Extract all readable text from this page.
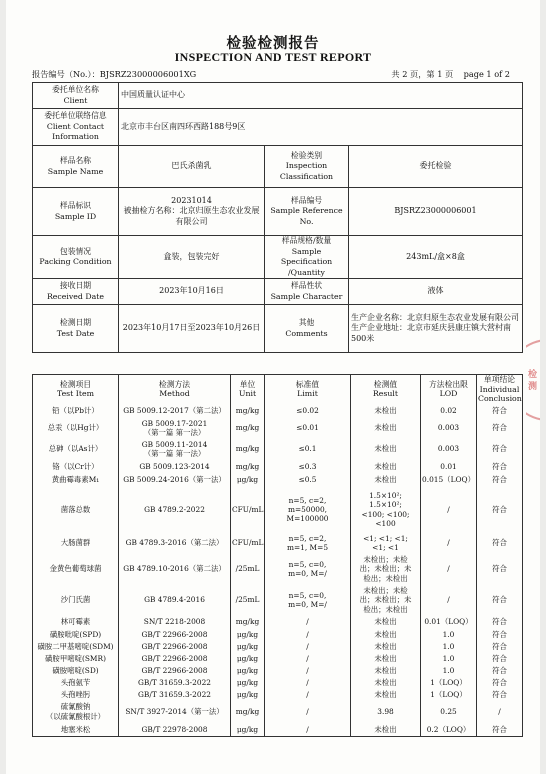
检验检测报告
INSPECTION AND TEST REPORT
报告编号（No.）：BJSRZ23000006001XG	共 2 页，第 1 页    page 1 of 2
委托单位名称
Client	中国质量认证中心		
委托单位联络信息
Client Contact
Information	北京市丰台区南四环西路188号9区		
样品名称
Sample Name	巴氏杀菌乳	检验类别
Inspection
Classification	委托检验
样品标识
Sample ID	20231014
被抽检方名称：北京归原生态农业发展有限公司	样品编号
Sample Reference
No.	BJSRZ23000006001
包装情况
Packing Condition	盒装，包装完好	样品规格/数量
Sample Specification
/Quantity	243mL/盒×8盒
接收日期
Received Date	2023年10月16日	样品性状
Sample Character	液体
检测日期
Test Date	2023年10月17日至2023年10月26日	其他
Comments	生产企业名称：北京归原生态农业发展有限公司
生产企业地址：北京市延庆县康庄镇大营村南500米
检测项目
Test Item	检测方法
Method	单位
Unit	标准值
Limit	检测值
Result	方法检出限
LOD	单项结论
Individual
Conclusion
铅（以Pb计）	GB 5009.12-2017（第二法）	mg/kg	≤0.02	未检出	0.02	符合
总汞（以Hg计）	GB 5009.17-2021
（第一篇 第一法）	mg/kg	≤0.01	未检出	0.003	符合
总砷（以As计）	GB 5009.11-2014
（第一篇 第一法）	mg/kg	≤0.1	未检出	0.003	符合
铬（以Cr计）	GB 5009.123-2014	mg/kg	≤0.3	未检出	0.01	符合
黄曲霉毒素M₁	GB 5009.24-2016（第一法）	μg/kg	≤0.5	未检出	0.015（LOQ）	符合
菌落总数	GB 4789.2-2022	CFU/mL	n=5, c=2,
m=50000, M=100000	1.5×10²;
1.5×10²;
<100; <100;
<100	/	符合
大肠菌群	GB 4789.3-2016（第二法）	CFU/mL	n=5, c=2,
m=1, M=5	<1; <1; <1;
<1; <1	/	符合
金黄色葡萄球菌	GB 4789.10-2016（第二法）	/25mL	n=5, c=0,
m=0, M=/	未检出；未检
出；未检出；未
检出；未检出	/	符合
沙门氏菌	GB 4789.4-2016	/25mL	n=5, c=0,
m=0, M=/	未检出；未检
出；未检出；未
检出；未检出	/	符合
林可霉素	SN/T 2218-2008	mg/kg	/	未检出	0.01（LOQ）	符合
磺胺吡啶(SPD)	GB/T 22966-2008	μg/kg	/	未检出	1.0	符合
磺胺二甲基嘧啶(SDM)	GB/T 22966-2008	μg/kg	/	未检出	1.0	符合
磺胺甲嘧啶(SMR)	GB/T 22966-2008	μg/kg	/	未检出	1.0	符合
磺胺嘧啶(SD)	GB/T 22966-2008	μg/kg	/	未检出	1.0	符合
头孢氨苄	GB/T 31659.3-2022	μg/kg	/	未检出	1（LOQ）	符合
头孢唑肟	GB/T 31659.3-2022	μg/kg	/	未检出	1（LOQ）	符合
硫氰酸钠
（以硫氰酸根计）	SN/T 3927-2014（第一法）	mg/kg	/	3.98	0.25	/
地塞米松	GB/T 22978-2008	μg/kg	/	未检出	0.2（LOQ）	符合
检
测
